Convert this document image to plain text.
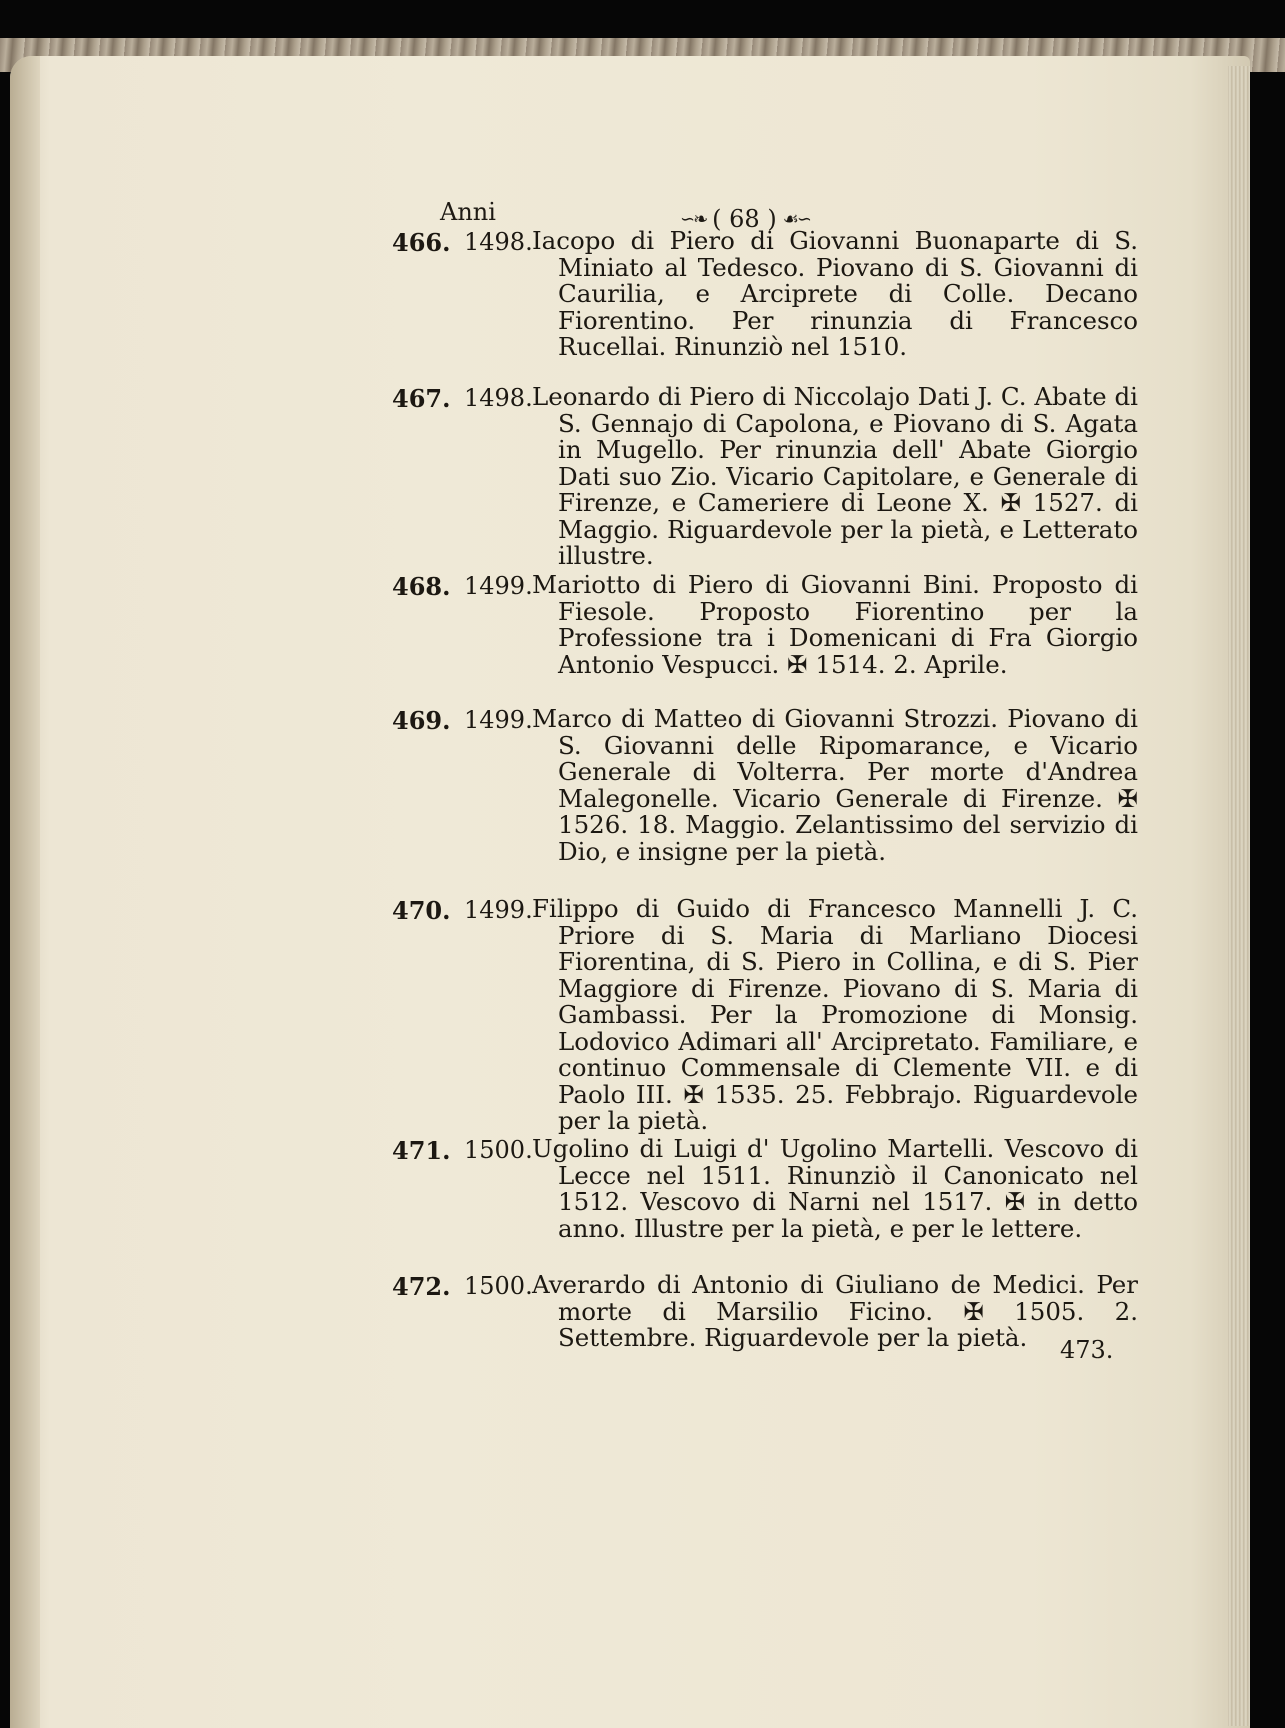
Anni	∽❧ ( 68 ) ☙∽
466. 1498. Iacopo di Piero di Giovanni Buonaparte di S. Miniato al Tedesco. Piovano di S. Giovanni di Caurilia, e Arciprete di Colle. Decano Fiorentino. Per rinunzia di Francesco Rucellai. Rinunziò nel 1510.
467. 1498. Leonardo di Piero di Niccolajo Dati J. C. Abate di S. Gennajo di Capolona, e Piovano di S. Agata in Mugello. Per rinunzia dell' Abate Giorgio Dati suo Zio. Vicario Capitolare, e Generale di Firenze, e Cameriere di Leone X. ✠ 1527. di Maggio. Riguardevole per la pietà, e Letterato illustre.
468. 1499. Mariotto di Piero di Giovanni Bini. Proposto di Fiesole. Proposto Fiorentino per la Professione tra i Domenicani di Fra Giorgio Antonio Vespucci. ✠ 1514. 2. Aprile.
469. 1499. Marco di Matteo di Giovanni Strozzi. Piovano di S. Giovanni delle Ripomarance, e Vicario Generale di Volterra. Per morte d'Andrea Malegonelle. Vicario Generale di Firenze. ✠ 1526. 18. Maggio. Zelantissimo del servizio di Dio, e insigne per la pietà.
470. 1499. Filippo di Guido di Francesco Mannelli J. C. Priore di S. Maria di Marliano Diocesi Fiorentina, di S. Piero in Collina, e di S. Pier Maggiore di Firenze. Piovano di S. Maria di Gambassi. Per la Promozione di Monsig. Lodovico Adimari all' Arcipretato. Familiare, e continuo Commensale di Clemente VII. e di Paolo III. ✠ 1535. 25. Febbrajo. Riguardevole per la pietà.
471. 1500. Ugolino di Luigi d' Ugolino Martelli. Vescovo di Lecce nel 1511. Rinunziò il Canonicato nel 1512. Vescovo di Narni nel 1517. ✠ in detto anno. Illustre per la pietà, e per le lettere.
472. 1500. Averardo di Antonio di Giuliano de Medici. Per morte di Marsilio Ficino. ✠ 1505. 2. Settembre. Riguardevole per la pietà.	473.
